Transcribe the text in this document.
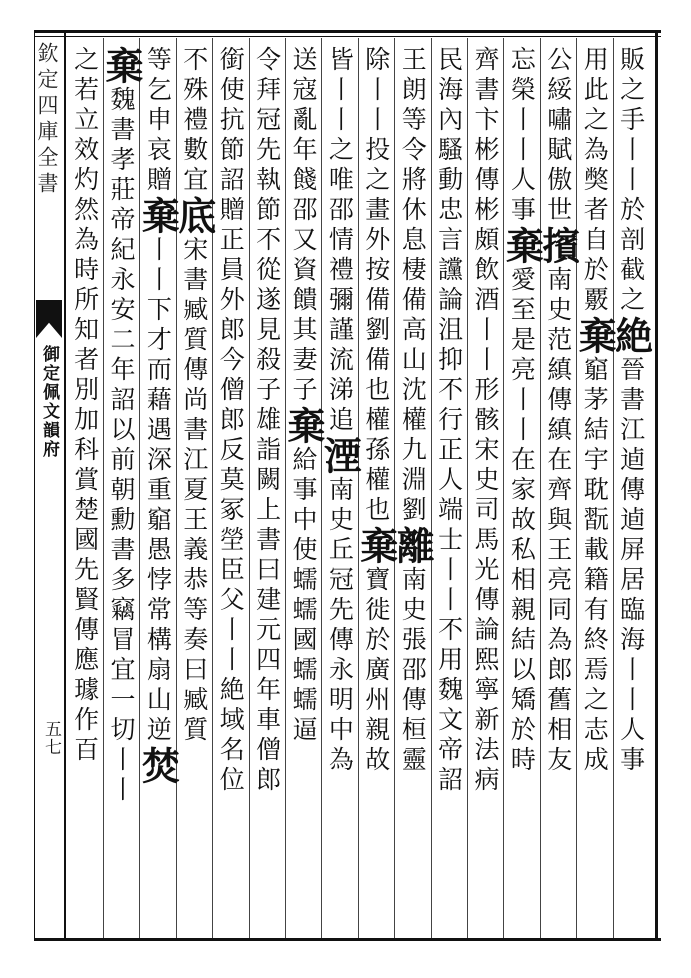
欽定四庫全書
御定佩文韻府
五七
販之手丨丨於剖截之絶晉書江逌傳逌屏居臨海丨丨人事
用此之為獘者自於覈棄竆茅結宇耽翫載籍有終焉之志成
公綏嘯賦傲世擯南史范縝傳縝在齊與王亮同為郎舊相友
忘榮丨丨人事棄愛至是亮丨丨在家故私相親結以矯於時
齊書卞彬傳彬頗飲酒丨丨形骸宋史司馬光傳論熙寧新法病
民海內騷動忠言讜論沮抑不行正人端士丨丨不用魏文帝詔
王朗等令將休息棲備高山沈權九淵劉離南史張邵傳桓靈
除丨丨投之畫外按備劉備也權孫權也棄寶徙於廣州親故
皆丨丨之唯邵情禮彌謹流涕追湮南史丘冠先傳永明中為
送寇亂年餞邵又資饋其妻子棄給事中使蠕蠕國蠕蠕逼
令拜冠先執節不從遂見殺子雄詣闕上書曰建元四年車僧郎
銜使抗節詔贈正員外郎今僧郎反莫冢塋臣父丨丨絶域名位
不殊禮數宜底宋書臧質傳尚書江夏王義恭等奏曰臧質
等乞申哀贈棄丨丨下才而藉遇深重竆愚悖常構扇山逆焚
棄魏書孝莊帝紀永安二年詔以前朝勳書多竊冒宜一切丨丨
之若立效灼然為時所知者別加科賞楚國先賢傳應璩作百
